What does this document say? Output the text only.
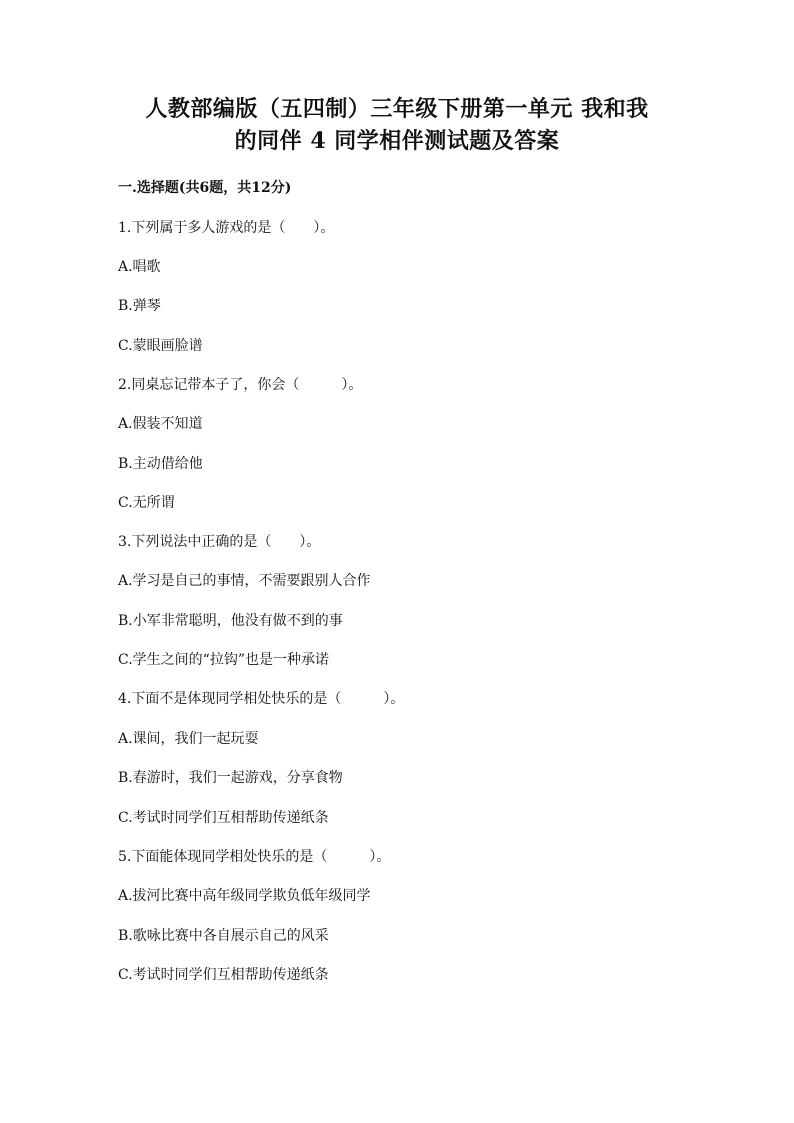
人教部编版（五四制）三年级下册第一单元 我和我
的同伴 4 同学相伴测试题及答案
一.选择题(共6题，共12分)
1.下列属于多人游戏的是（　　）。
A.唱歌
B.弹琴
C.蒙眼画脸谱
2.同桌忘记带本子了，你会（　　　）。
A.假装不知道
B.主动借给他
C.无所谓
3.下列说法中正确的是（　　）。
A.学习是自己的事情，不需要跟别人合作
B.小军非常聪明，他没有做不到的事
C.学生之间的“拉钩”也是一种承诺
4.下面不是体现同学相处快乐的是（　　　）。
A.课间，我们一起玩耍
B.春游时，我们一起游戏，分享食物
C.考试时同学们互相帮助传递纸条
5.下面能体现同学相处快乐的是（　　　）。
A.拔河比赛中高年级同学欺负低年级同学
B.歌咏比赛中各自展示自己的风采
C.考试时同学们互相帮助传递纸条
